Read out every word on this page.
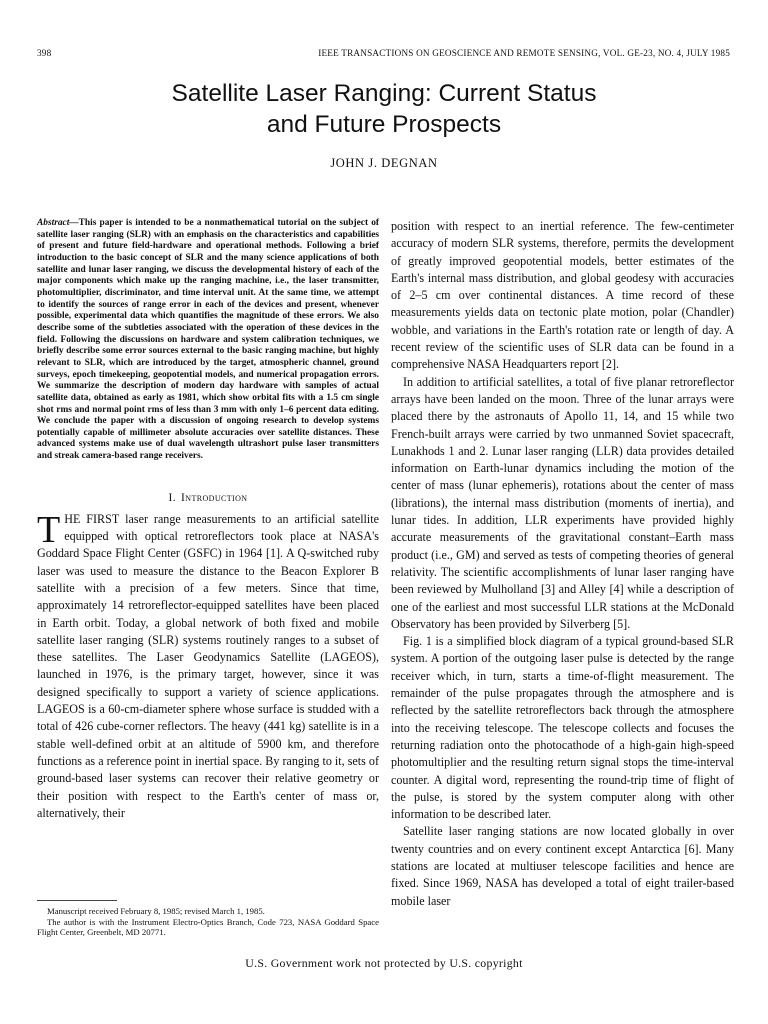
398	IEEE TRANSACTIONS ON GEOSCIENCE AND REMOTE SENSING, VOL. GE-23, NO. 4, JULY 1985
Satellite Laser Ranging: Current Status
and Future Prospects
JOHN J. DEGNAN

Abstract—This paper is intended to be a nonmathematical tutorial on the subject of satellite laser ranging (SLR) with an emphasis on the characteristics and capabilities of present and future field-hardware and operational methods. Following a brief introduction to the basic concept of SLR and the many science applications of both satellite and lunar laser ranging, we discuss the developmental history of each of the major components which make up the ranging machine, i.e., the laser transmitter, photomultiplier, discriminator, and time interval unit. At the same time, we attempt to identify the sources of range error in each of the devices and present, whenever possible, experimental data which quantifies the magnitude of these errors. We also describe some of the subtleties associated with the operation of these devices in the field. Following the discussions on hardware and system calibration techniques, we briefly describe some error sources external to the basic ranging machine, but highly relevant to SLR, which are introduced by the target, atmospheric channel, ground surveys, epoch timekeeping, geopotential models, and numerical propagation errors. We summarize the description of modern day hardware with samples of actual satellite data, obtained as early as 1981, which show orbital fits with a 1.5 cm single shot rms and normal point rms of less than 3 mm with only 1–6 percent data editing. We conclude the paper with a discussion of ongoing research to develop systems potentially capable of millimeter absolute accuracies over satellite distances. These advanced systems make use of dual wavelength ultrashort pulse laser transmitters and streak camera-based range receivers.

I. Introduction

THE FIRST laser range measurements to an artificial satellite equipped with optical retroreflectors took place at NASA's Goddard Space Flight Center (GSFC) in 1964 [1]. A Q-switched ruby laser was used to measure the distance to the Beacon Explorer B satellite with a precision of a few meters. Since that time, approximately 14 retroreflector-equipped satellites have been placed in Earth orbit. Today, a global network of both fixed and mobile satellite laser ranging (SLR) systems routinely ranges to a subset of these satellites. The Laser Geodynamics Satellite (LAGEOS), launched in 1976, is the primary target, however, since it was designed specifically to support a variety of science applications. LAGEOS is a 60-cm-diameter sphere whose surface is studded with a total of 426 cube-corner reflectors. The heavy (441 kg) satellite is in a stable well-defined orbit at an altitude of 5900 km, and therefore functions as a reference point in inertial space. By ranging to it, sets of ground-based laser systems can recover their relative geometry or their position with respect to the Earth's center of mass or, alternatively, their

position with respect to an inertial reference. The few-centimeter accuracy of modern SLR systems, therefore, permits the development of greatly improved geopotential models, better estimates of the Earth's internal mass distribution, and global geodesy with accuracies of 2–5 cm over continental distances. A time record of these measurements yields data on tectonic plate motion, polar (Chandler) wobble, and variations in the Earth's rotation rate or length of day. A recent review of the scientific uses of SLR data can be found in a comprehensive NASA Headquarters report [2].

In addition to artificial satellites, a total of five planar retroreflector arrays have been landed on the moon. Three of the lunar arrays were placed there by the astronauts of Apollo 11, 14, and 15 while two French-built arrays were carried by two unmanned Soviet spacecraft, Lunakhods 1 and 2. Lunar laser ranging (LLR) data provides detailed information on Earth-lunar dynamics including the motion of the center of mass (lunar ephemeris), rotations about the center of mass (librations), the internal mass distribution (moments of inertia), and lunar tides. In addition, LLR experiments have provided highly accurate measurements of the gravitational constant–Earth mass product (i.e., GM) and served as tests of competing theories of general relativity. The scientific accomplishments of lunar laser ranging have been reviewed by Mulholland [3] and Alley [4] while a description of one of the earliest and most successful LLR stations at the McDonald Observatory has been provided by Silverberg [5].

Fig. 1 is a simplified block diagram of a typical ground-based SLR system. A portion of the outgoing laser pulse is detected by the range receiver which, in turn, starts a time-of-flight measurement. The remainder of the pulse propagates through the atmosphere and is reflected by the satellite retroreflectors back through the atmosphere into the receiving telescope. The telescope collects and focuses the returning radiation onto the photocathode of a high-gain high-speed photomultiplier and the resulting return signal stops the time-interval counter. A digital word, representing the round-trip time of flight of the pulse, is stored by the system computer along with other information to be described later.

Satellite laser ranging stations are now located globally in over twenty countries and on every continent except Antarctica [6]. Many stations are located at multiuser telescope facilities and hence are fixed. Since 1969, NASA has developed a total of eight trailer-based mobile laser

Manuscript received February 8, 1985; revised March 1, 1985.

The author is with the Instrument Electro-Optics Branch, Code 723, NASA Goddard Space Flight Center, Greenbelt, MD 20771.

U.S. Government work not protected by U.S. copyright
